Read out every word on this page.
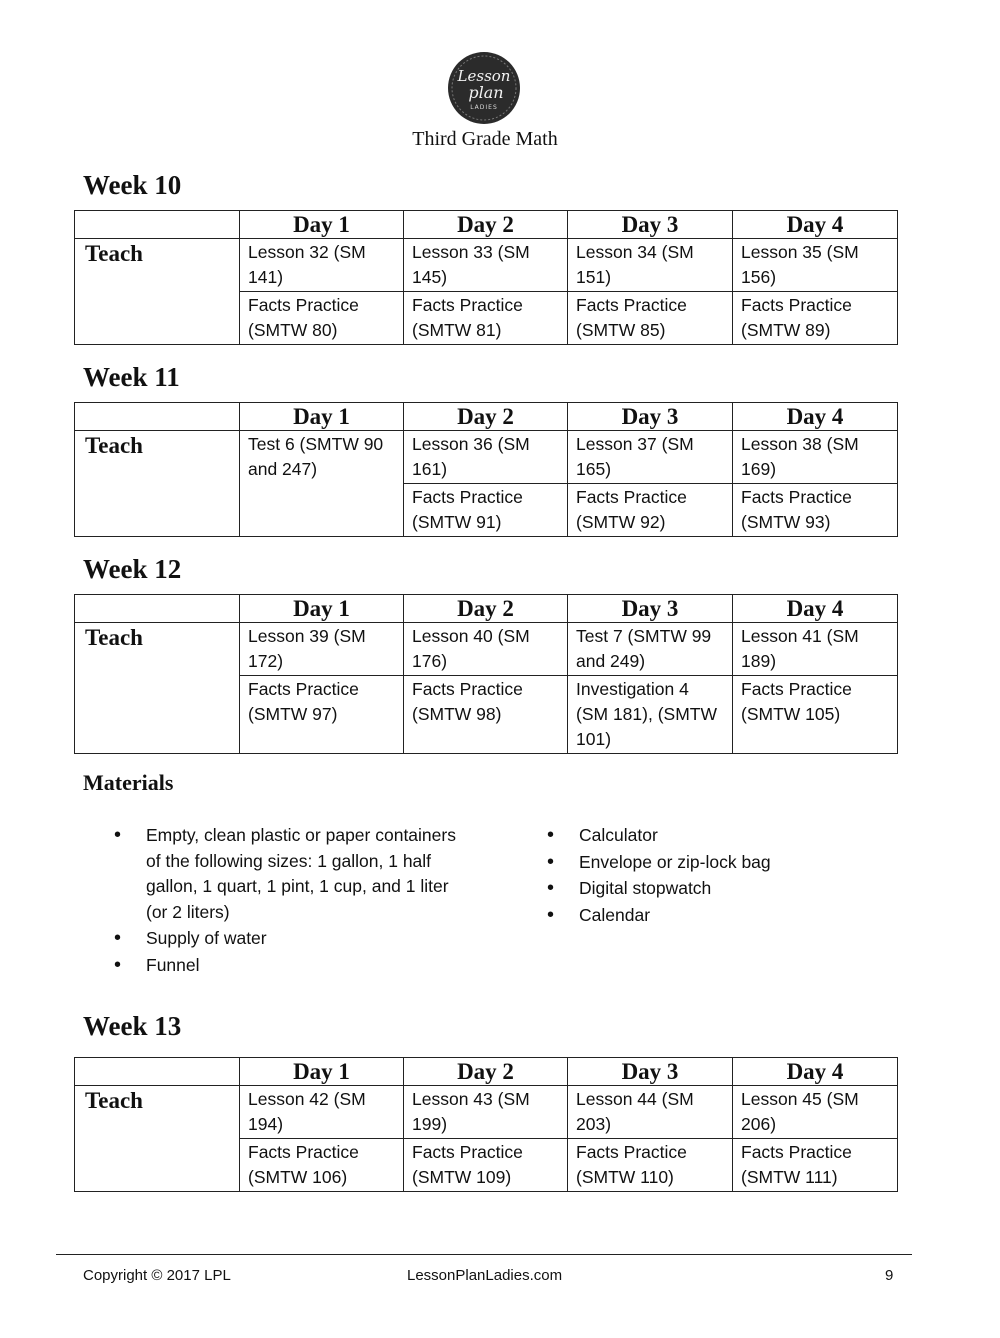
Lesson
plan
LADIES
Third Grade Math
Week 10
	Day 1	Day 2	Day 3	Day 4
Teach	Lesson 32 (SM 141)	Lesson 33 (SM 145)	Lesson 34 (SM 151)	Lesson 35 (SM 156)
	Facts Practice (SMTW 80)	Facts Practice (SMTW 81)	Facts Practice (SMTW 85)	Facts Practice (SMTW 89)
Week 11
	Day 1	Day 2	Day 3	Day 4
Teach	Test 6 (SMTW 90 and 247)	Lesson 36 (SM 161)	Lesson 37 (SM 165)	Lesson 38 (SM 169)
		Facts Practice (SMTW 91)	Facts Practice (SMTW 92)	Facts Practice (SMTW 93)
Week 12
	Day 1	Day 2	Day 3	Day 4
Teach	Lesson 39 (SM 172)	Lesson 40 (SM 176)	Test 7 (SMTW 99 and 249)	Lesson 41 (SM 189)
	Facts Practice (SMTW 97)	Facts Practice (SMTW 98)	Investigation 4 (SM 181), (SMTW 101)	Facts Practice (SMTW 105)
Materials
• Empty, clean plastic or paper containers of the following sizes: 1 gallon, 1 half gallon, 1 quart, 1 pint, 1 cup, and 1 liter (or 2 liters)
• Supply of water
• Funnel
• Calculator
• Envelope or zip-lock bag
• Digital stopwatch
• Calendar
Week 13
	Day 1	Day 2	Day 3	Day 4
Teach	Lesson 42 (SM 194)	Lesson 43 (SM 199)	Lesson 44 (SM 203)	Lesson 45 (SM 206)
	Facts Practice (SMTW 106)	Facts Practice (SMTW 109)	Facts Practice (SMTW 110)	Facts Practice (SMTW 111)
Copyright © 2017 LPL	LessonPlanLadies.com	9
